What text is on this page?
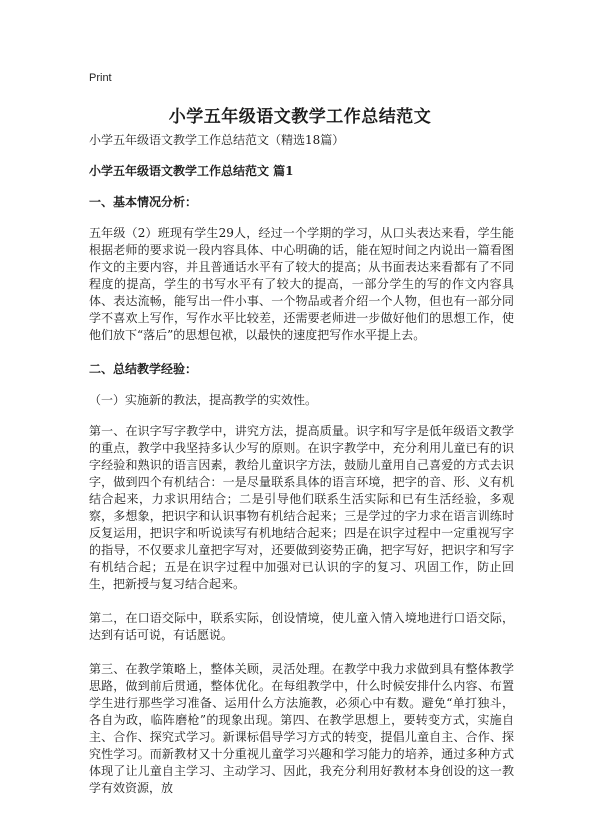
Print
小学五年级语文教学工作总结范文

小学五年级语文教学工作总结范文（精选18篇）

小学五年级语文教学工作总结范文 篇1

一、基本情况分析：

五年级（2）班现有学生29人，经过一个学期的学习，从口头表达来看，学生能根据老师的要求说一段内容具体、中心明确的话，能在短时间之内说出一篇看图作文的主要内容，并且普通话水平有了较大的提高；从书面表达来看都有了不同程度的提高，学生的书写水平有了较大的提高，一部分学生的写的作文内容具体、表达流畅，能写出一件小事、一个物品或者介绍一个人物，但也有一部分同学不喜欢上写作，写作水平比较差，还需要老师进一步做好他们的思想工作，使他们放下“落后”的思想包袱，以最快的速度把写作水平提上去。

二、总结教学经验：

（一）实施新的教法，提高教学的实效性。

第一、在识字写字教学中，讲究方法，提高质量。识字和写字是低年级语文教学的重点，教学中我坚持多认少写的原则。在识字教学中，充分利用儿童已有的识字经验和熟识的语言因素，教给儿童识字方法，鼓励儿童用自己喜爱的方式去识字，做到四个有机结合：一是尽量联系具体的语言环境，把字的音、形、义有机结合起来，力求识用结合；二是引导他们联系生活实际和已有生活经验，多观察，多想象，把识字和认识事物有机结合起来；三是学过的字力求在语言训练时反复运用，把识字和听说读写有机地结合起来；四是在识字过程中一定重视写字的指导，不仅要求儿童把字写对，还要做到姿势正确，把字写好，把识字和写字有机结合起；五是在识字过程中加强对已认识的字的复习、巩固工作，防止回生，把新授与复习结合起来。

第二，在口语交际中，联系实际，创设情境，使儿童入情入境地进行口语交际，达到有话可说，有话愿说。

第三、在教学策略上，整体关顾，灵活处理。在教学中我力求做到具有整体教学思路，做到前后贯通，整体优化。在每组教学中，什么时候安排什么内容、布置学生进行那些学习准备、运用什么方法施教，必须心中有数。避免“单打独斗，各自为政，临阵磨枪”的现象出现。第四、在教学思想上，要转变方式，实施自主、合作、探究式学习。新课标倡导学习方式的转变，提倡儿童自主、合作、探究性学习。而新教材又十分重视儿童学习兴趣和学习能力的培养，通过多种方式体现了让儿童自主学习、主动学习、因此，我充分利用好教材本身创设的这一教学有效资源，放
